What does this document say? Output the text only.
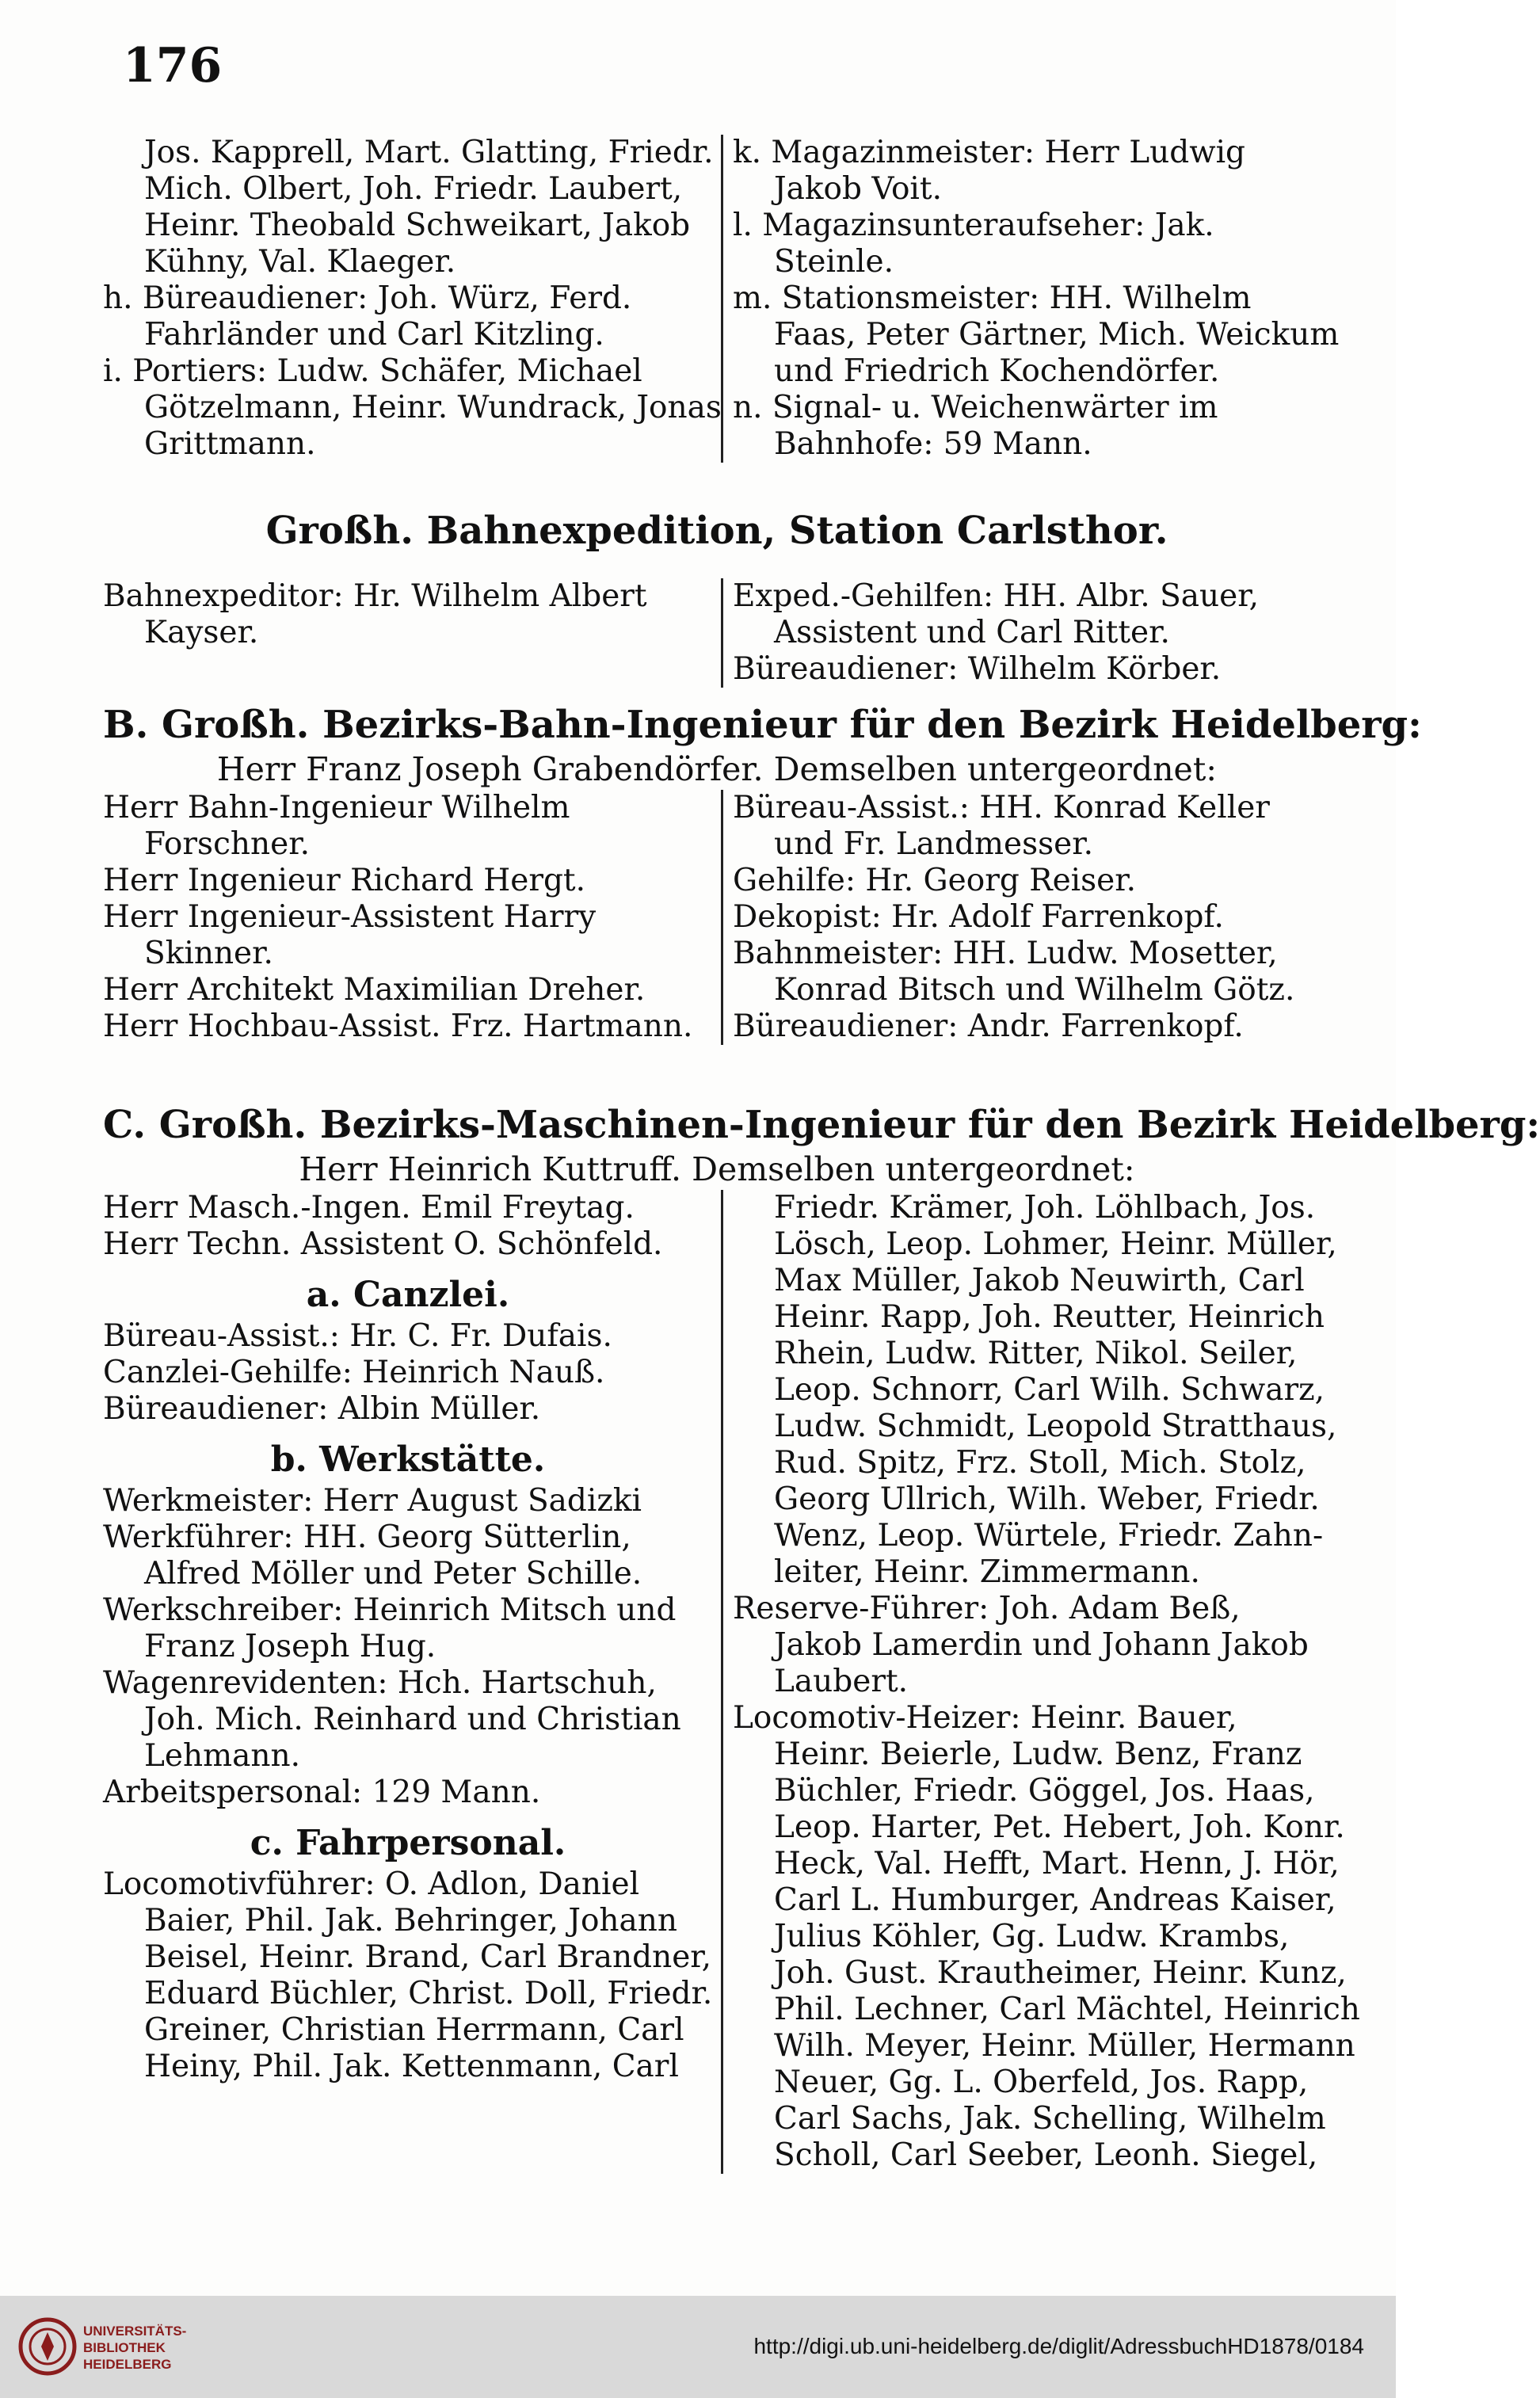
176
Jos. Kapprell, Mart. Glatting, Friedr.
Mich. Olbert, Joh. Friedr. Laubert,
Heinr. Theobald Schweikart, Jakob
Kühny, Val. Klaeger.
h. Büreaudiener: Joh. Würz, Ferd.
Fahrländer und Carl Kitzling.
i. Portiers: Ludw. Schäfer, Michael
Götzelmann, Heinr. Wundrack, Jonas
Grittmann.
k. Magazinmeister: Herr Ludwig
Jakob Voit.
l. Magazinsunteraufseher: Jak.
Steinle.
m. Stationsmeister: HH. Wilhelm
Faas, Peter Gärtner, Mich. Weickum
und Friedrich Kochendörfer.
n. Signal- u. Weichenwärter im
Bahnhofe: 59 Mann.
Großh. Bahnexpedition, Station Carlsthor.
Bahnexpeditor: Hr. Wilhelm Albert
Kayser.
Exped.-Gehilfen: HH. Albr. Sauer,
Assistent und Carl Ritter.
Büreaudiener: Wilhelm Körber.
B. Großh. Bezirks-Bahn-Ingenieur für den Bezirk Heidelberg:
Herr Franz Joseph Grabendörfer. Demselben untergeordnet:
Herr Bahn-Ingenieur Wilhelm
Forschner.
Herr Ingenieur Richard Hergt.
Herr Ingenieur-Assistent Harry
Skinner.
Herr Architekt Maximilian Dreher.
Herr Hochbau-Assist. Frz. Hartmann.
Büreau-Assist.: HH. Konrad Keller
und Fr. Landmesser.
Gehilfe: Hr. Georg Reiser.
Dekopist: Hr. Adolf Farrenkopf.
Bahnmeister: HH. Ludw. Mosetter,
Konrad Bitsch und Wilhelm Götz.
Büreaudiener: Andr. Farrenkopf.
C. Großh. Bezirks-Maschinen-Ingenieur für den Bezirk Heidelberg:
Herr Heinrich Kuttruff. Demselben untergeordnet:
Herr Masch.-Ingen. Emil Freytag.
Herr Techn. Assistent O. Schönfeld.
a. Canzlei.
Büreau-Assist.: Hr. C. Fr. Dufais.
Canzlei-Gehilfe: Heinrich Nauß.
Büreaudiener: Albin Müller.
b. Werkstätte.
Werkmeister: Herr August Sadizki
Werkführer: HH. Georg Sütterlin,
Alfred Möller und Peter Schille.
Werkschreiber: Heinrich Mitsch und
Franz Joseph Hug.
Wagenrevidenten: Hch. Hartschuh,
Joh. Mich. Reinhard und Christian
Lehmann.
Arbeitspersonal: 129 Mann.
c. Fahrpersonal.
Locomotivführer: O. Adlon, Daniel
Baier, Phil. Jak. Behringer, Johann
Beisel, Heinr. Brand, Carl Brandner,
Eduard Büchler, Christ. Doll, Friedr.
Greiner, Christian Herrmann, Carl
Heiny, Phil. Jak. Kettenmann, Carl
Friedr. Krämer, Joh. Löhlbach, Jos.
Lösch, Leop. Lohmer, Heinr. Müller,
Max Müller, Jakob Neuwirth, Carl
Heinr. Rapp, Joh. Reutter, Heinrich
Rhein, Ludw. Ritter, Nikol. Seiler,
Leop. Schnorr, Carl Wilh. Schwarz,
Ludw. Schmidt, Leopold Stratthaus,
Rud. Spitz, Frz. Stoll, Mich. Stolz,
Georg Ullrich, Wilh. Weber, Friedr.
Wenz, Leop. Würtele, Friedr. Zahn-
leiter, Heinr. Zimmermann.
Reserve-Führer: Joh. Adam Beß,
Jakob Lamerdin und Johann Jakob
Laubert.
Locomotiv-Heizer: Heinr. Bauer,
Heinr. Beierle, Ludw. Benz, Franz
Büchler, Friedr. Göggel, Jos. Haas,
Leop. Harter, Pet. Hebert, Joh. Konr.
Heck, Val. Hefft, Mart. Henn, J. Hör,
Carl L. Humburger, Andreas Kaiser,
Julius Köhler, Gg. Ludw. Krambs,
Joh. Gust. Krautheimer, Heinr. Kunz,
Phil. Lechner, Carl Mächtel, Heinrich
Wilh. Meyer, Heinr. Müller, Hermann
Neuer, Gg. L. Oberfeld, Jos. Rapp,
Carl Sachs, Jak. Schelling, Wilhelm
Scholl, Carl Seeber, Leonh. Siegel,
UNIVERSITÄTS-
BIBLIOTHEK
HEIDELBERG
http://digi.ub.uni-heidelberg.de/diglit/AdressbuchHD1878/0184
